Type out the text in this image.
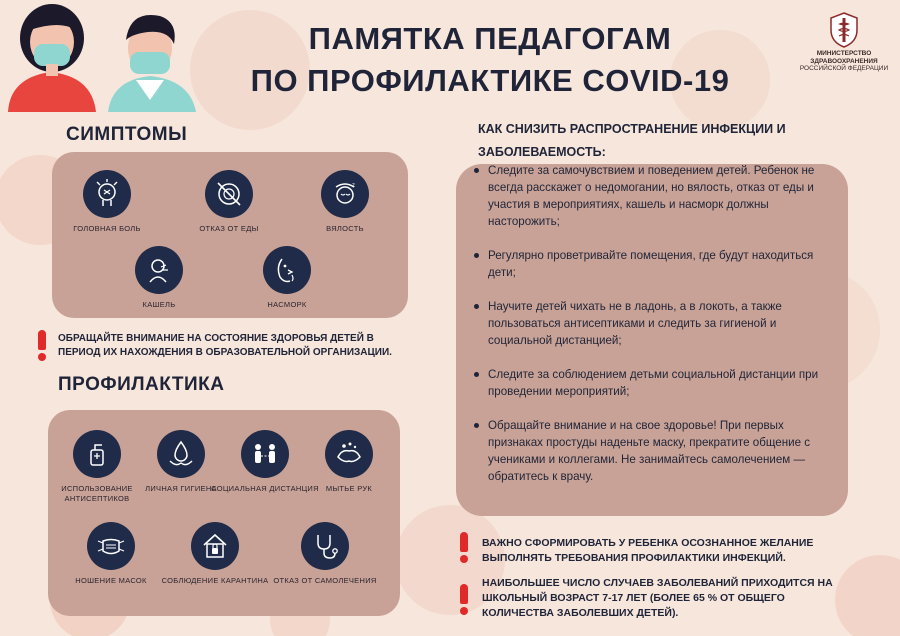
ПАМЯТКА ПЕДАГОГАМ
ПО ПРОФИЛАКТИКЕ COVID-19
МИНИСТЕРСТВО
ЗДРАВООХРАНЕНИЯ
РОССИЙСКОЙ ФЕДЕРАЦИИ
СИМПТОМЫ
ГОЛОВНАЯ БОЛЬ	ОТКАЗ ОТ ЕДЫ
z
ВЯЛОСТЬ
КАШЕЛЬ	НАСМОРК
ОБРАЩАЙТЕ ВНИМАНИЕ НА СОСТОЯНИЕ ЗДОРОВЬЯ ДЕТЕЙ В ПЕРИОД ИХ НАХОЖДЕНИЯ В ОБРАЗОВАТЕЛЬНОЙ ОРГАНИЗАЦИИ.
ПРОФИЛАКТИКА
ИСПОЛЬЗОВАНИЕ АНТИСЕПТИКОВ
ЛИЧНАЯ ГИГИЕНА
СОЦИАЛЬНАЯ ДИСТАНЦИЯ МЫТЬЕ РУК
НОШЕНИЕ МАСОК	СОБЛЮДЕНИЕ КАРАНТИНА ОТКАЗ ОТ САМОЛЕЧЕНИЯ
КАК СНИЗИТЬ РАСПРОСТРАНЕНИЕ ИНФЕКЦИИ И ЗАБОЛЕВАЕМОСТЬ:
Следите за самочувствием и поведением детей. Ребенок не всегда расскажет о недомогании, но вялость, отказ от еды и участия в мероприятиях, кашель и насморк должны насторожить;
Регулярно проветривайте помещения, где будут находиться дети;
Научите детей чихать не в ладонь, а в локоть, а также пользоваться антисептиками и следить за гигиеной и социальной дистанцией;
Следите за соблюдением детьми социальной дистанции при проведении мероприятий;
Обращайте внимание и на свое здоровье! При первых признаках простуды наденьте маску, прекратите общение с учениками и коллегами. Не занимайтесь самолечением — обратитесь к врачу.
ВАЖНО СФОРМИРОВАТЬ У РЕБЕНКА ОСОЗНАННОЕ ЖЕЛАНИЕ ВЫПОЛНЯТЬ ТРЕБОВАНИЯ ПРОФИЛАКТИКИ ИНФЕКЦИЙ.
НАИБОЛЬШЕЕ ЧИСЛО СЛУЧАЕВ ЗАБОЛЕВАНИЙ ПРИХОДИТСЯ НА ШКОЛЬНЫЙ ВОЗРАСТ 7-17 ЛЕТ (БОЛЕЕ 65 % ОТ ОБЩЕГО КОЛИЧЕСТВА ЗАБОЛЕВШИХ ДЕТЕЙ).
